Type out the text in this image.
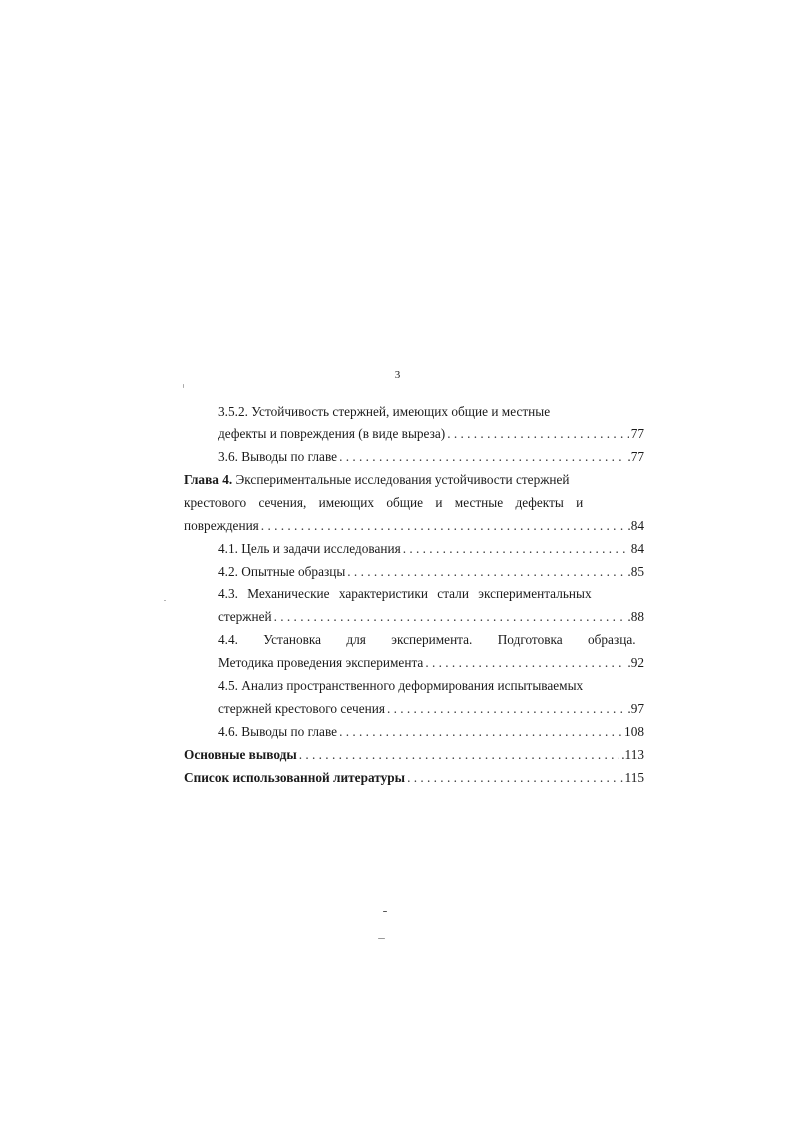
3
3.5.2. Устойчивость стержней, имеющих общие и местные
дефекты и повреждения (в виде выреза) . . .	77
3.6. Выводы по главе . . .	.77
Глава 4. Экспериментальные исследования устойчивости стержней
крестового сечения, имеющих общие и местные дефекты и
повреждения . . .	.84
4.1. Цель и задачи исследования . . .	84
4.2. Опытные образцы . . .	.85
4.3. Механические характеристики стали экспериментальных
стержней . . .	.88
4.4. Установка для эксперимента. Подготовка образца.
Методика проведения эксперимента . . .	.92
4.5. Анализ пространственного деформирования испытываемых
стержней крестового сечения . . .	.97
4.6. Выводы по главе . . .	108
Основные выводы . . .	.113
Список использованной литературы . . .	115
